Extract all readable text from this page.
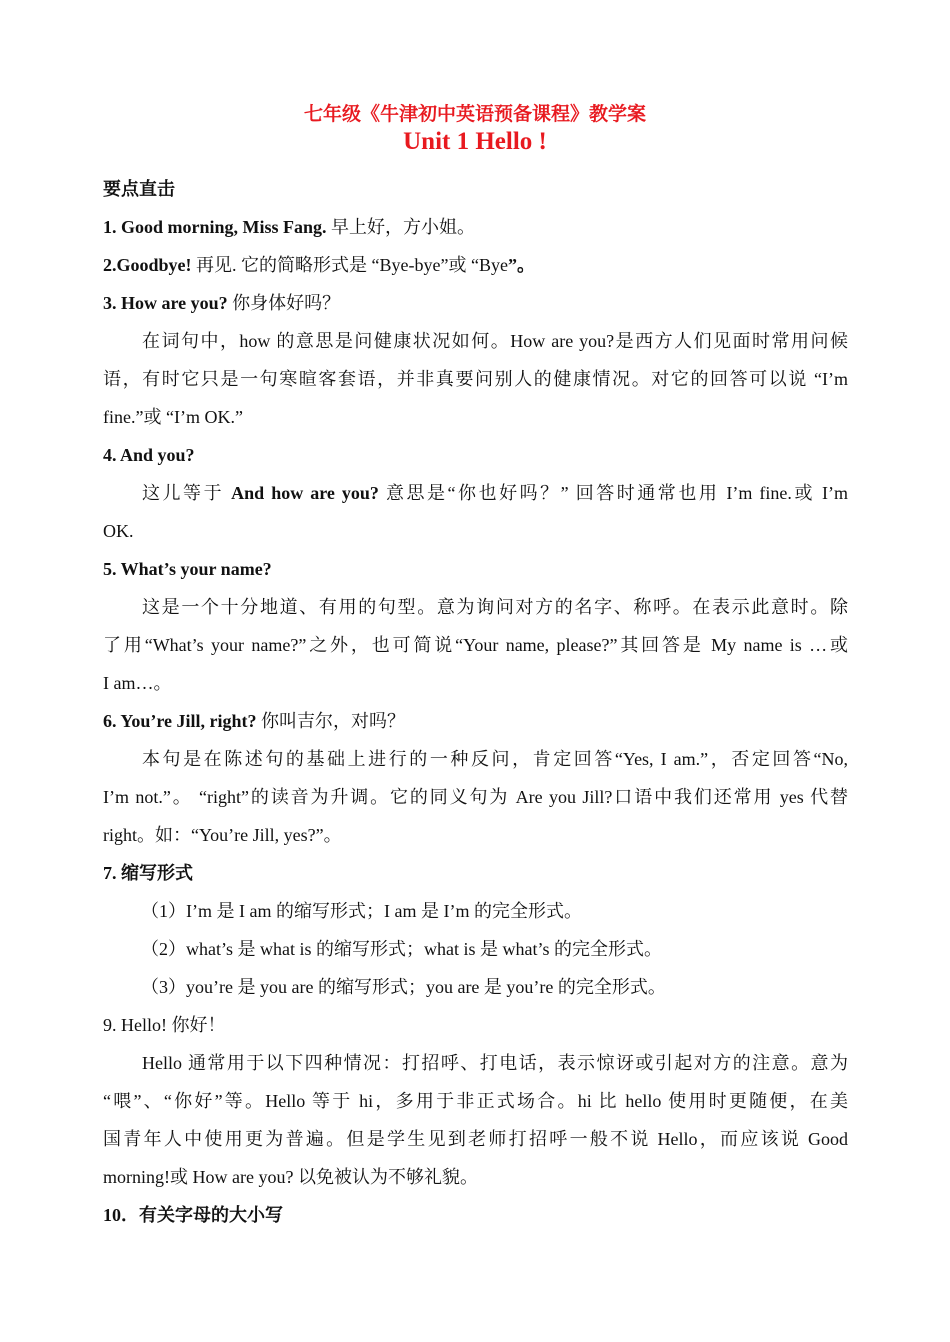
七年级《牛津初中英语预备课程》教学案
Unit 1 Hello !
要点直击
1. Good morning, Miss Fang. 早上好，方小姐。
2.Goodbye! 再见. 它的简略形式是 “Bye-bye”或 “Bye”。
3. How are you? 你身体好吗？
在词句中，how 的意思是问健康状况如何。How are you?是西方人们见面时常用问候
语，有时它只是一句寒暄客套语，并非真要问别人的健康情况。对它的回答可以说 “I’m
fine.”或 “I’m OK.”
4. And you?
这儿等于 And how are you? 意思是“你也好吗？” 回答时通常也用 I’m fine.或 I’m
OK.
5. What’s your name?
这是一个十分地道、有用的句型。意为询问对方的名字、称呼。在表示此意时。除
了用“What’s your name?”之外，也可简说“Your name, please?”其回答是 My name is …或
I am…。
6. You’re Jill, right? 你叫吉尔，对吗？
本句是在陈述句的基础上进行的一种反问，肯定回答“Yes, I am.”，否定回答“No,
I’m not.”。 “right”的读音为升调。它的同义句为 Are you Jill?口语中我们还常用 yes 代替
right。如：“You’re Jill, yes?”。
7. 缩写形式
（1）I’m 是 I am 的缩写形式；I am 是 I’m 的完全形式。
（2）what’s 是 what is 的缩写形式；what is 是 what’s 的完全形式。
（3）you’re 是 you are 的缩写形式；you are 是 you’re 的完全形式。
9. Hello! 你好！
Hello 通常用于以下四种情况：打招呼、打电话，表示惊讶或引起对方的注意。意为
“喂”、“你好”等。Hello 等于 hi，多用于非正式场合。hi 比 hello 使用时更随便，在美
国青年人中使用更为普遍。但是学生见到老师打招呼一般不说 Hello，而应该说 Good
morning!或 How are you? 以免被认为不够礼貌。
10．有关字母的大小写
